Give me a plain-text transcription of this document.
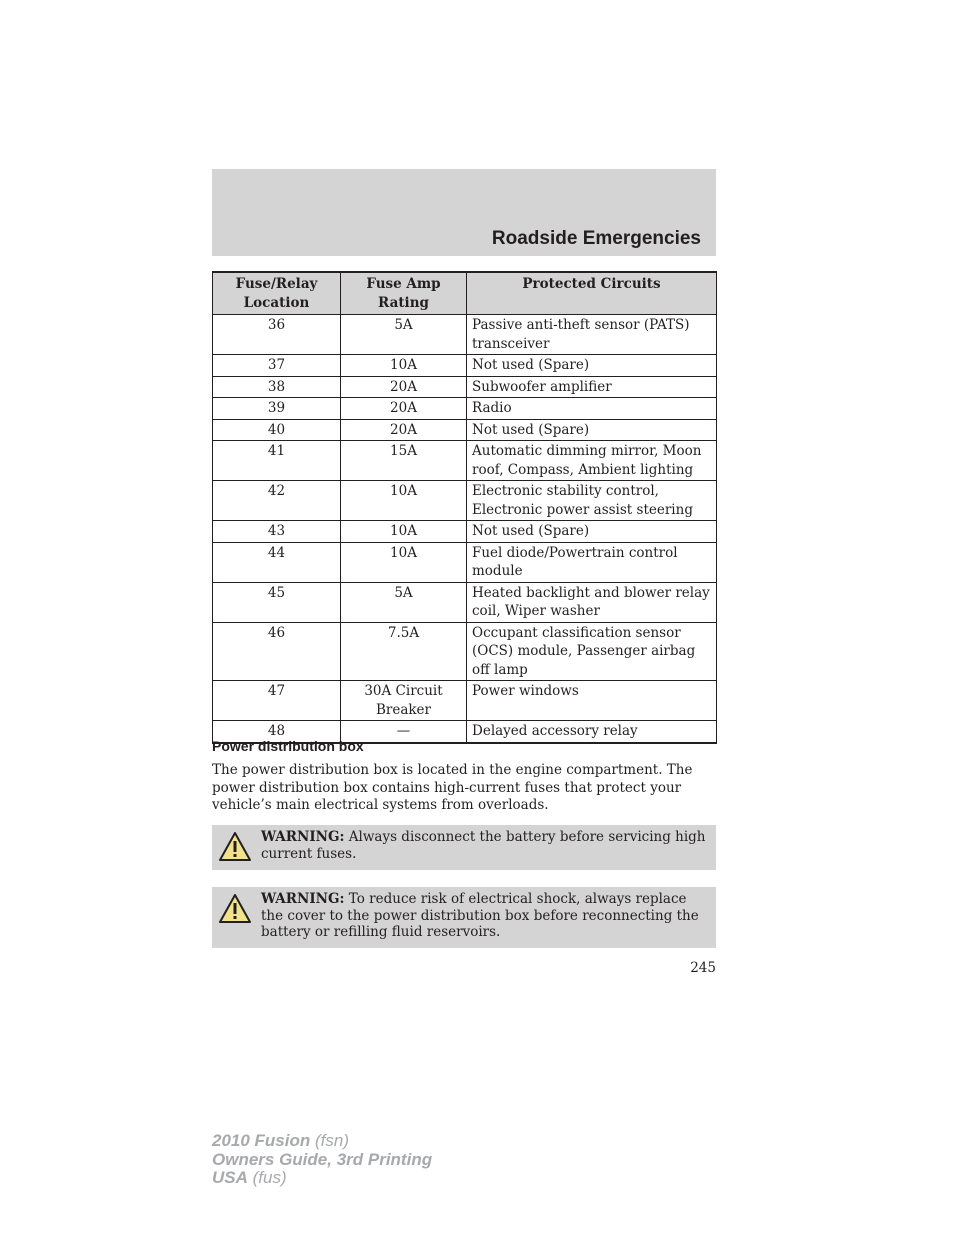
Roadside Emergencies
Fuse/Relay Location	Fuse Amp Rating	Protected Circuits
36	5A	Passive anti-theft sensor (PATS) transceiver
37	10A	Not used (Spare)
38	20A	Subwoofer amplifier
39	20A	Radio
40	20A	Not used (Spare)
41	15A	Automatic dimming mirror, Moon roof, Compass, Ambient lighting
42	10A	Electronic stability control, Electronic power assist steering
43	10A	Not used (Spare)
44	10A	Fuel diode/Powertrain control module
45	5A	Heated backlight and blower relay coil, Wiper washer
46	7.5A	Occupant classification sensor (OCS) module, Passenger airbag off lamp
47	30A Circuit Breaker	Power windows
48	—	Delayed accessory relay
Power distribution box

The power distribution box is located in the engine compartment. The power distribution box contains high-current fuses that protect your vehicle’s main electrical systems from overloads.

WARNING: Always disconnect the battery before servicing high current fuses.
WARNING: To reduce risk of electrical shock, always replace the cover to the power distribution box before reconnecting the battery or refilling fluid reservoirs.
245
2010 Fusion (fsn)
Owners Guide, 3rd Printing
USA (fus)
